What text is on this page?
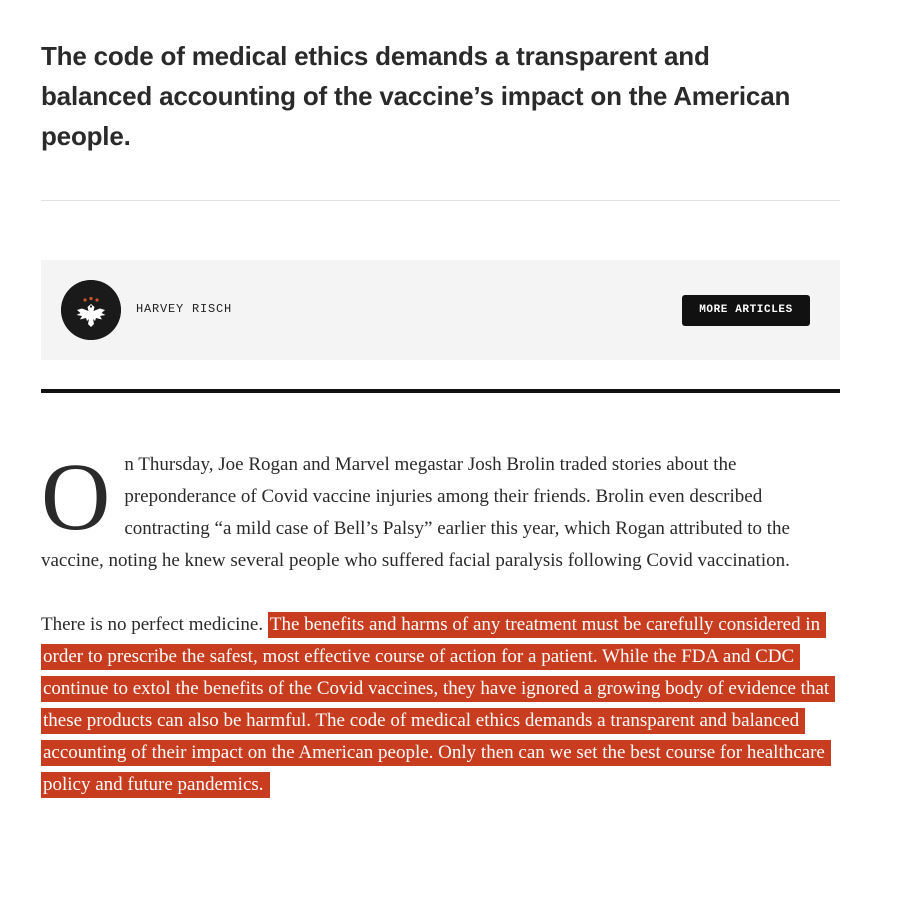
The code of medical ethics demands a transparent and balanced accounting of the vaccine’s impact on the American people.
HARVEY RISCH	MORE ARTICLES

On Thursday, Joe Rogan and Marvel megastar Josh Brolin traded stories about the preponderance of Covid vaccine injuries among their friends. Brolin even described contracting “a mild case of Bell’s Palsy” earlier this year, which Rogan attributed to the vaccine, noting he knew several people who suffered facial paralysis following Covid vaccination.

There is no perfect medicine. The benefits and harms of any treatment must be carefully considered in order to prescribe the safest, most effective course of action for a patient. While the FDA and CDC continue to extol the benefits of the Covid vaccines, they have ignored a growing body of evidence that these products can also be harmful. The code of medical ethics demands a transparent and balanced accounting of their impact on the American people. Only then can we set the best course for healthcare policy and future pandemics.
